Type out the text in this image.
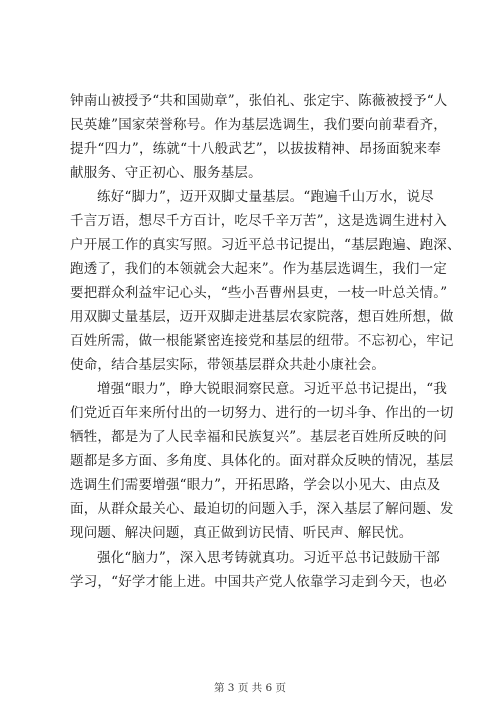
钟南山被授予“共和国勋章”，张伯礼、张定宇、陈薇被授予“人
民英雄”国家荣誉称号。作为基层选调生，我们要向前辈看齐，
提升“四力”，练就“十八般武艺”，以拔拔精神、昂扬面貌来奉
献服务、守正初心、服务基层。
练好“脚力”，迈开双脚丈量基层。“跑遍千山万水，说尽
千言万语，想尽千方百计，吃尽千辛万苦”，这是选调生进村入
户开展工作的真实写照。习近平总书记提出，“基层跑遍、跑深、
跑透了，我们的本领就会大起来”。作为基层选调生，我们一定
要把群众利益牢记心头，“些小吾曹州县吏，一枝一叶总关情。”
用双脚丈量基层，迈开双脚走进基层农家院落，想百姓所想，做
百姓所需，做一根能紧密连接党和基层的纽带。不忘初心，牢记
使命，结合基层实际，带领基层群众共赴小康社会。
增强“眼力”，睁大锐眼洞察民意。习近平总书记提出，“我
们党近百年来所付出的一切努力、进行的一切斗争、作出的一切
牺牲，都是为了人民幸福和民族复兴”。基层老百姓所反映的问
题都是多方面、多角度、具体化的。面对群众反映的情况，基层
选调生们需要增强“眼力”，开拓思路，学会以小见大、由点及
面，从群众最关心、最迫切的问题入手，深入基层了解问题、发
现问题、解决问题，真正做到访民情、听民声、解民忧。
强化“脑力”，深入思考铸就真功。习近平总书记鼓励干部
学习，“好学才能上进。中国共产党人依靠学习走到今天，也必
第 3 页 共 6 页
